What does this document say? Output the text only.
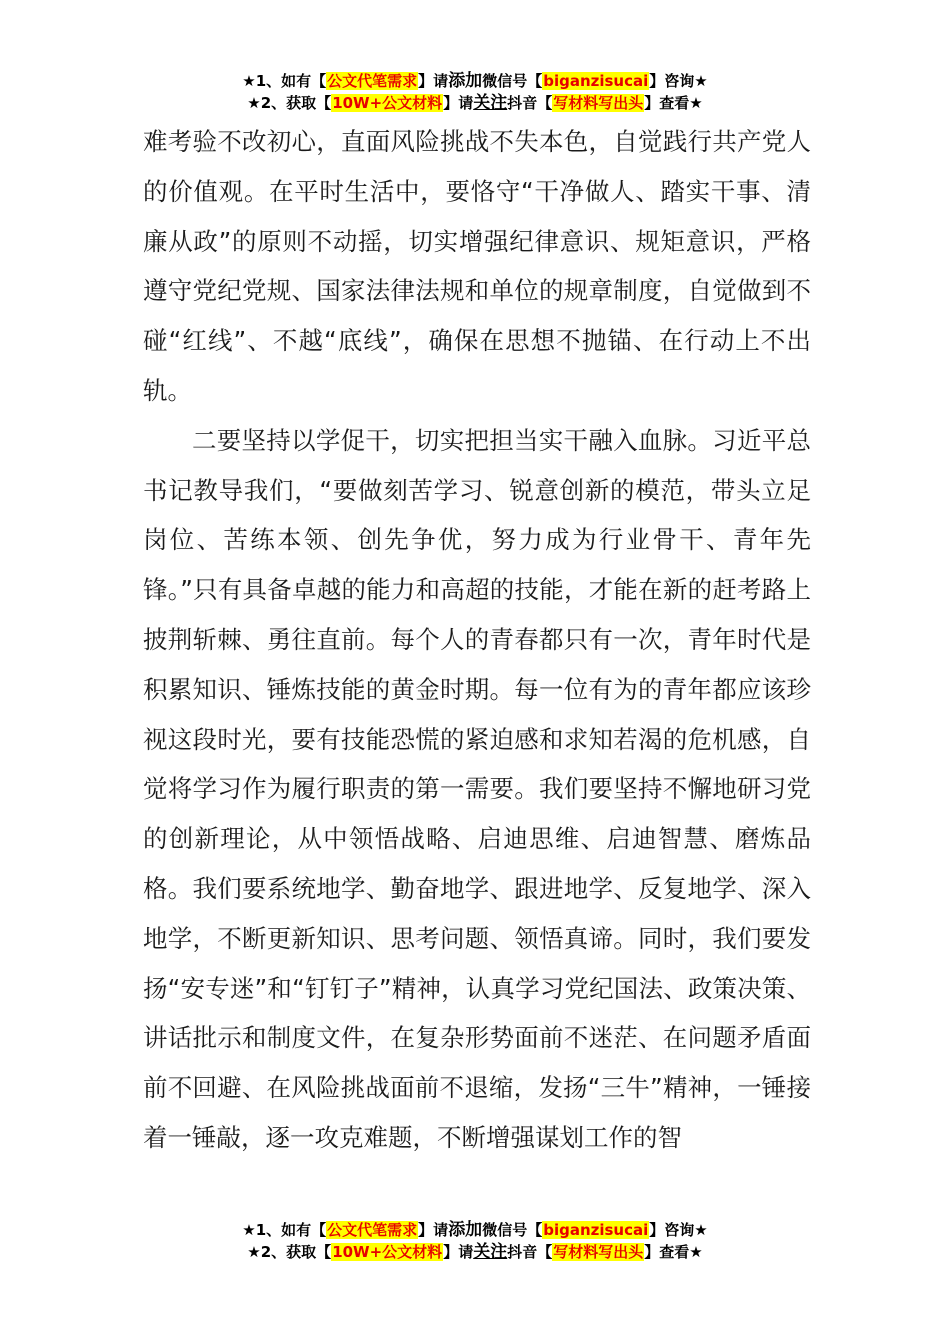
★1、如有【公文代笔需求】请添加微信号【biganzisucai】咨询★
★2、获取【10W+公文材料】请关注抖音【写材料写出头】查看★

难考验不改初心，直面风险挑战不失本色，自觉践行共产党人的价值观。在平时生活中，要恪守“干净做人、踏实干事、清廉从政”的原则不动摇，切实增强纪律意识、规矩意识，严格遵守党纪党规、国家法律法规和单位的规章制度，自觉做到不碰“红线”、不越“底线”，确保在思想不抛锚、在行动上不出轨。

二要坚持以学促干，切实把担当实干融入血脉。习近平总书记教导我们，“要做刻苦学习、锐意创新的模范，带头立足岗位、苦练本领、创先争优，努力成为行业骨干、青年先锋。”只有具备卓越的能力和高超的技能，才能在新的赶考路上披荆斩棘、勇往直前。每个人的青春都只有一次，青年时代是积累知识、锤炼技能的黄金时期。每一位有为的青年都应该珍视这段时光，要有技能恐慌的紧迫感和求知若渴的危机感，自觉将学习作为履行职责的第一需要。我们要坚持不懈地研习党的创新理论，从中领悟战略、启迪思维、启迪智慧、磨炼品格。我们要系统地学、勤奋地学、跟进地学、反复地学、深入地学，不断更新知识、思考问题、领悟真谛。同时，我们要发扬“安专迷”和“钉钉子”精神，认真学习党纪国法、政策决策、讲话批示和制度文件，在复杂形势面前不迷茫、在问题矛盾面前不回避、在风险挑战面前不退缩，发扬“三牛”精神，一锤接着一锤敲，逐一攻克难题，不断增强谋划工作的智

★1、如有【公文代笔需求】请添加微信号【biganzisucai】咨询★
★2、获取【10W+公文材料】请关注抖音【写材料写出头】查看★
